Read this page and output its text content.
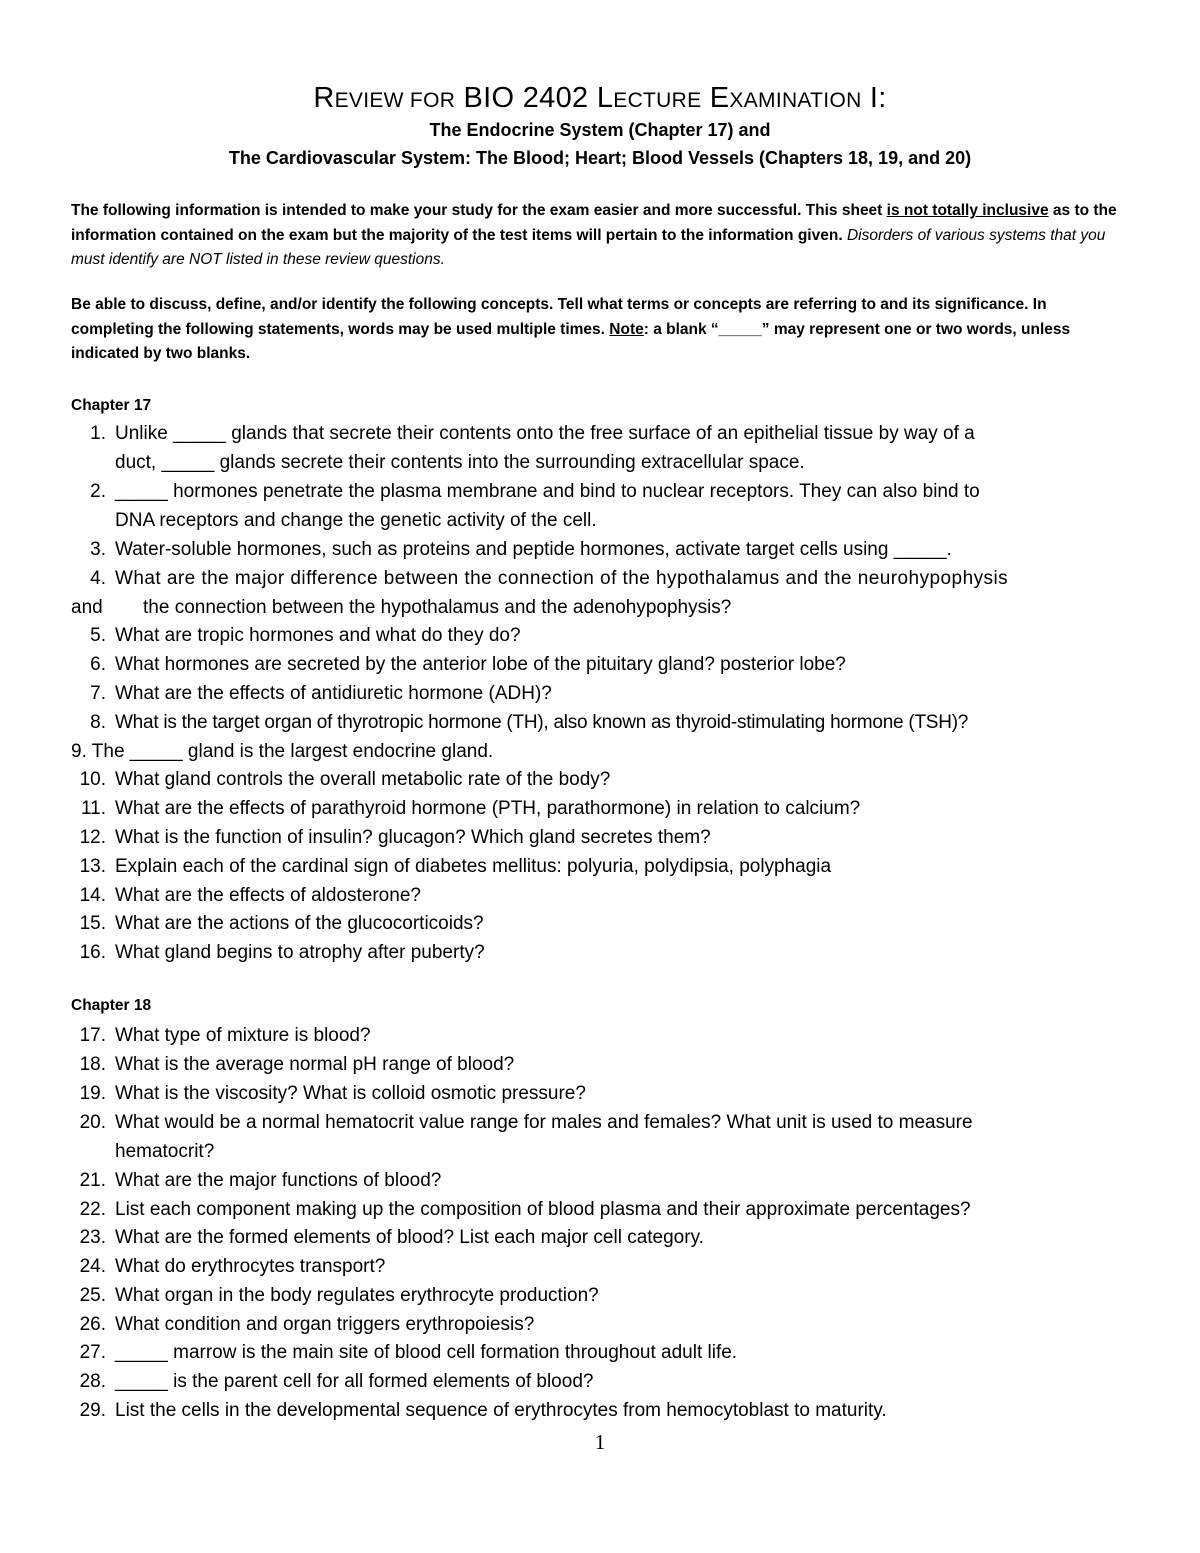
REVIEW FOR BIO 2402 LECTURE EXAMINATION I:
The Endocrine System (Chapter 17) and
The Cardiovascular System: The Blood; Heart; Blood Vessels (Chapters 18, 19, and 20)
The following information is intended to make your study for the exam easier and more successful. This sheet is not totally inclusive as to the information contained on the exam but the majority of the test items will pertain to the information given. Disorders of various systems that you must identify are NOT listed in these review questions.
Be able to discuss, define, and/or identify the following concepts. Tell what terms or concepts are referring to and its significance. In completing the following statements, words may be used multiple times. Note: a blank “_____” may represent one or two words, unless indicated by two blanks.
Chapter 17
1. Unlike _____ glands that secrete their contents onto the free surface of an epithelial tissue by way of a
duct, _____ glands secrete their contents into the surrounding extracellular space.
2. _____ hormones penetrate the plasma membrane and bind to nuclear receptors. They can also bind to
DNA receptors and change the genetic activity of the cell.
3. Water-soluble hormones, such as proteins and peptide hormones, activate target cells using _____.
4. What are the major difference between the connection of the hypothalamus and the neurohypophysis
and the connection between the hypothalamus and the adenohypophysis?
5. What are tropic hormones and what do they do?
6. What hormones are secreted by the anterior lobe of the pituitary gland? posterior lobe?
7. What are the effects of antidiuretic hormone (ADH)?
8. What is the target organ of thyrotropic hormone (TH), also known as thyroid-stimulating hormone (TSH)?
9. The _____ gland is the largest endocrine gland.
10. What gland controls the overall metabolic rate of the body?
11. What are the effects of parathyroid hormone (PTH, parathormone) in relation to calcium?
12. What is the function of insulin? glucagon? Which gland secretes them?
13. Explain each of the cardinal sign of diabetes mellitus: polyuria, polydipsia, polyphagia
14. What are the effects of aldosterone?
15. What are the actions of the glucocorticoids?
16. What gland begins to atrophy after puberty?
Chapter 18
17. What type of mixture is blood?
18. What is the average normal pH range of blood?
19. What is the viscosity? What is colloid osmotic pressure?
20. What would be a normal hematocrit value range for males and females? What unit is used to measure
hematocrit?
21. What are the major functions of blood?
22. List each component making up the composition of blood plasma and their approximate percentages?
23. What are the formed elements of blood? List each major cell category.
24. What do erythrocytes transport?
25. What organ in the body regulates erythrocyte production?
26. What condition and organ triggers erythropoiesis?
27. _____ marrow is the main site of blood cell formation throughout adult life.
28. _____ is the parent cell for all formed elements of blood?
29. List the cells in the developmental sequence of erythrocytes from hemocytoblast to maturity.
1
